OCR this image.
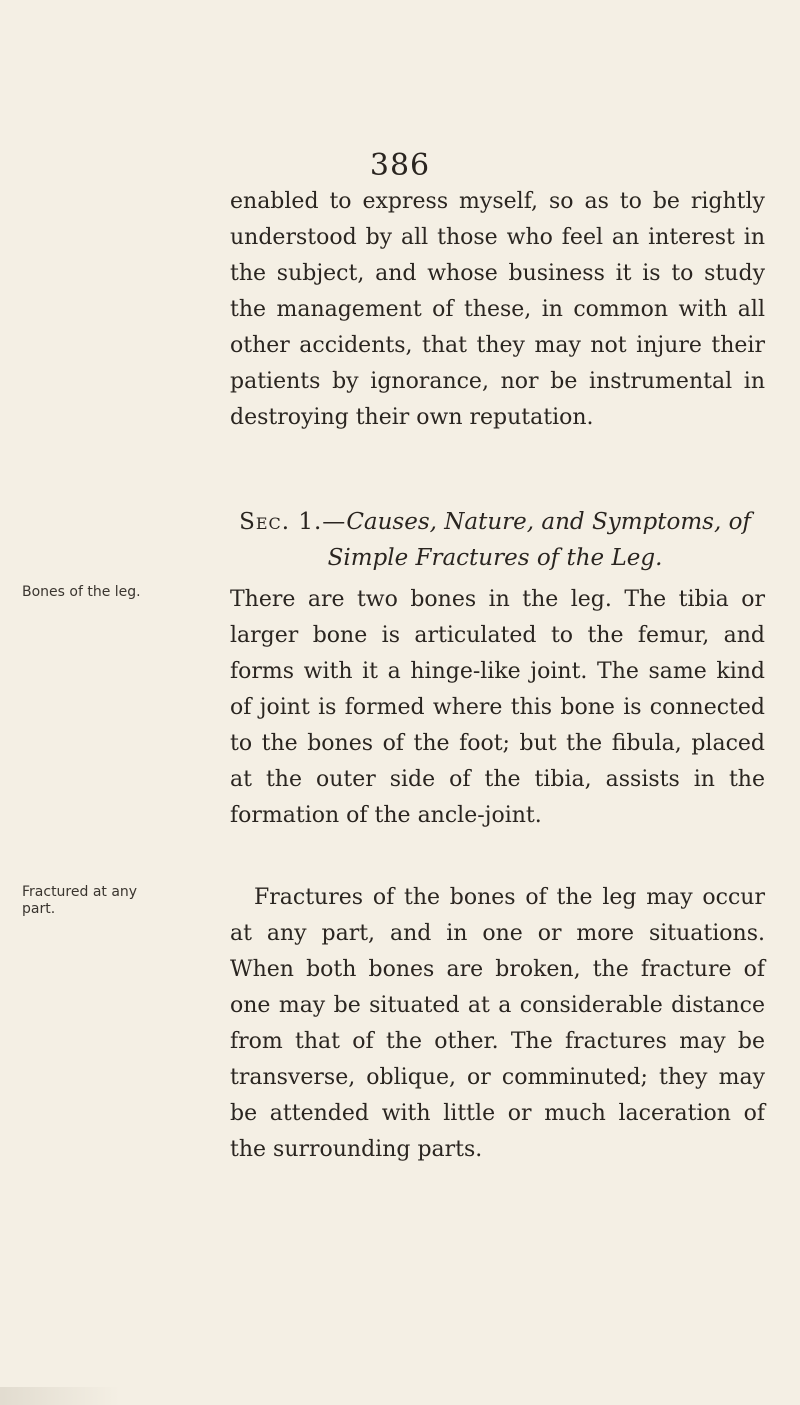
386
enabled to express myself, so as to be rightly understood by all those who feel an interest in the subject, and whose business it is to study the management of these, in common with all other accidents, that they may not injure their patients by ignorance, nor be instrumental in destroying their own reputation.
Sec. 1.—Causes, Nature, and Symptoms, of Simple Fractures of the Leg.
Bones of the leg.	There are two bones in the leg. The tibia or larger bone is articulated to the femur, and forms with it a hinge-like joint. The same kind of joint is formed where this bone is connected to the bones of the foot; but the fibula, placed at the outer side of the tibia, assists in the formation of the ancle-joint.
Fractured at any part.	Fractures of the bones of the leg may occur at any part, and in one or more situations. When both bones are broken, the fracture of one may be situated at a considerable distance from that of the other. The fractures may be transverse, oblique, or comminuted; they may be attended with little or much laceration of the surrounding parts.
